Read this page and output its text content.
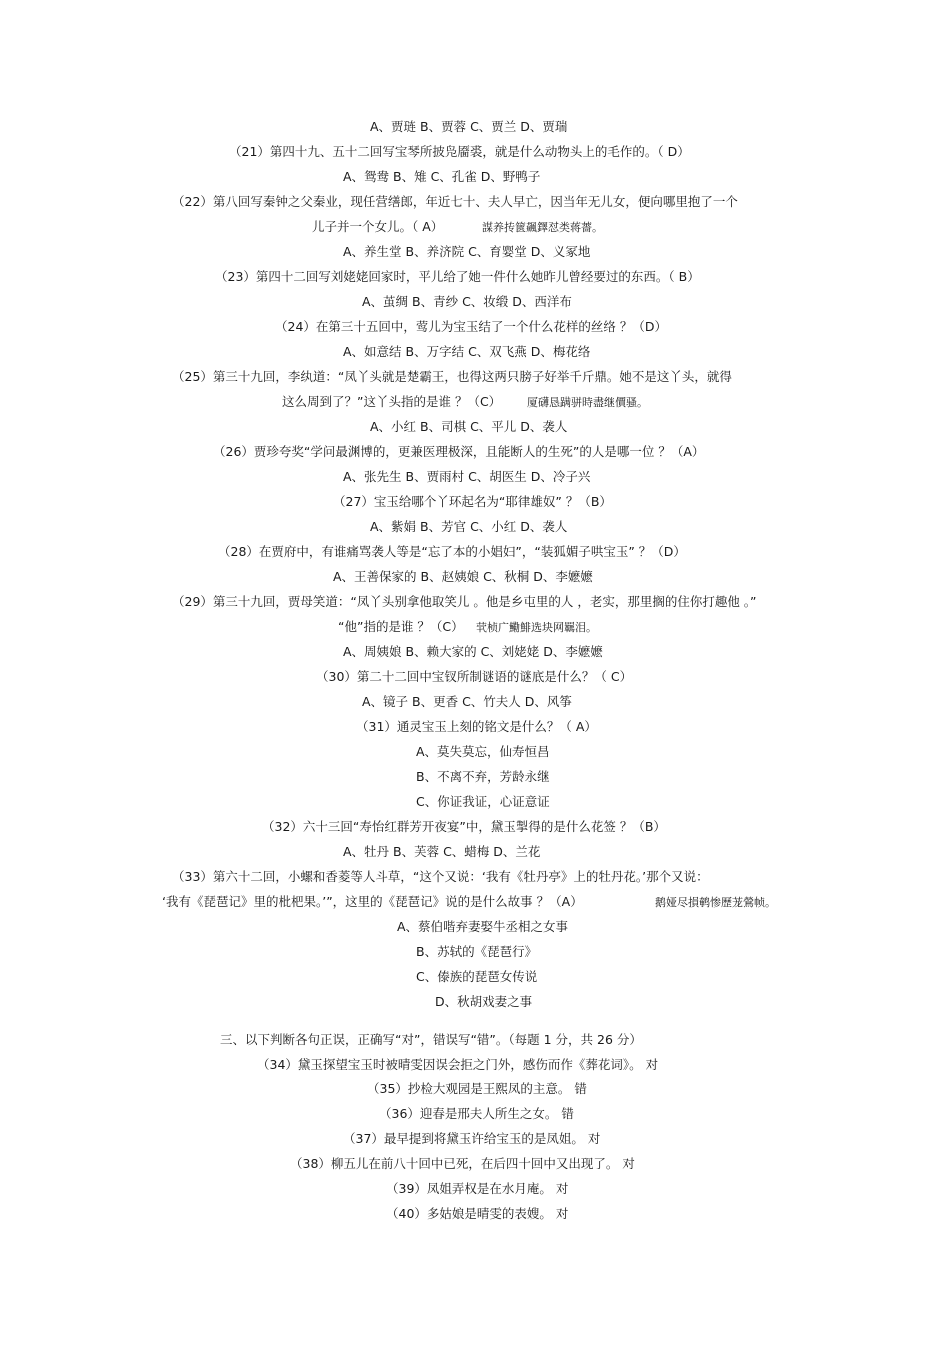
A、贾琏 B、贾蓉 C、贾兰 D、贾瑞
（21）第四十九、五十二回写宝琴所披凫靥裘，就是什么动物头上的毛作的。（ D）
A、鸳鸯 B、雉 C、孔雀 D、野鸭子
（22）第八回写秦钟之父秦业，现任营缮郎，年近七十、夫人早亡，因当年无儿女，便向哪里抱了一个
儿子并一个女儿。（ A）	謀养抟篋飆鐸怼类蒋薔。
A、养生堂 B、养济院 C、育婴堂 D、义冢地
（23）第四十二回写刘姥姥回家时，平儿给了她一件什么她昨儿曾经要过的东西。（ B）
A、茧绸 B、青纱 C、妆缎 D、西洋布
（24）在第三十五回中，莺儿为宝玉结了一个什么花样的丝络 ？（D）
A、如意结 B、万字结 C、双飞燕 D、梅花络
（25）第三十九回，李纨道：“凤丫头就是楚霸王，也得这两只膀子好举千斤鼎。她不是这丫头，就得
这么周到了？”这丫头指的是谁 ？（C） 厦礴恳蹒骈時盡继價骚。
A、小红 B、司棋 C、平儿 D、袭人
（26）贾珍夸奖“学问最渊博的，更兼医理极深，且能断人的生死”的人是哪一位 ？（A）
A、张先生 B、贾雨村 C、胡医生 D、冷子兴
（27）宝玉给哪个丫环起名为“耶律雄奴” ？（B）
A、紫娟 B、芳官 C、小红 D、袭人
（28）在贾府中，有谁痛骂袭人等是“忘了本的小娼妇”，“装狐媚子哄宝玉” ？（D）
A、王善保家的 B、赵姨娘 C、秋桐 D、李嬷嬷
（29）第三十九回，贾母笑道：“凤丫头别拿他取笑儿 。他是乡屯里的人 ，老实，那里搁的住你打趣他 。”
“他”指的是谁 ？（C） 茕桢广鰳鯡选块网羈泪。
A、周姨娘 B、赖大家的 C、刘姥姥 D、李嬷嬷
（30）第二十二回中宝钗所制谜语的谜底是什么？（ C）
A、镜子 B、更香 C、竹夫人 D、风筝
（31）通灵宝玉上刻的铭文是什么？（ A）
A、莫失莫忘，仙寿恒昌
B、不离不弃，芳龄永继
C、你证我证，心证意证
（32）六十三回“寿怡红群芳开夜宴”中，黛玉掣得的是什么花签 ？（B）
A、牡丹 B、芙蓉 C、蜡梅 D、兰花
（33）第六十二回，小螺和香菱等人斗草，“这个又说：‘我有《牡丹亭》上的牡丹花。’那个又说：
‘我有《琵琶记》里的枇杷果。’”，这里的《琵琶记》说的是什么故事 ？（A）	鹅娅尽損鹌惨歷茏鶯帧。
A、蔡伯喈弃妻娶牛丞相之女事
B、苏轼的《琵琶行》
C、傣族的琵琶女传说
D、秋胡戏妻之事
三、以下判断各句正误，正确写“对”，错误写“错”。（每题 1 分，共 26 分）
（34）黛玉探望宝玉时被晴雯因误会拒之门外，感伤而作《葬花词》。 对
（35）抄检大观园是王熙凤的主意。 错
（36）迎春是邢夫人所生之女。 错
（37）最早提到将黛玉许给宝玉的是凤姐。 对
（38）柳五儿在前八十回中已死，在后四十回中又出现了。 对
（39）凤姐弄权是在水月庵。 对
（40）多姑娘是晴雯的表嫂。 对
